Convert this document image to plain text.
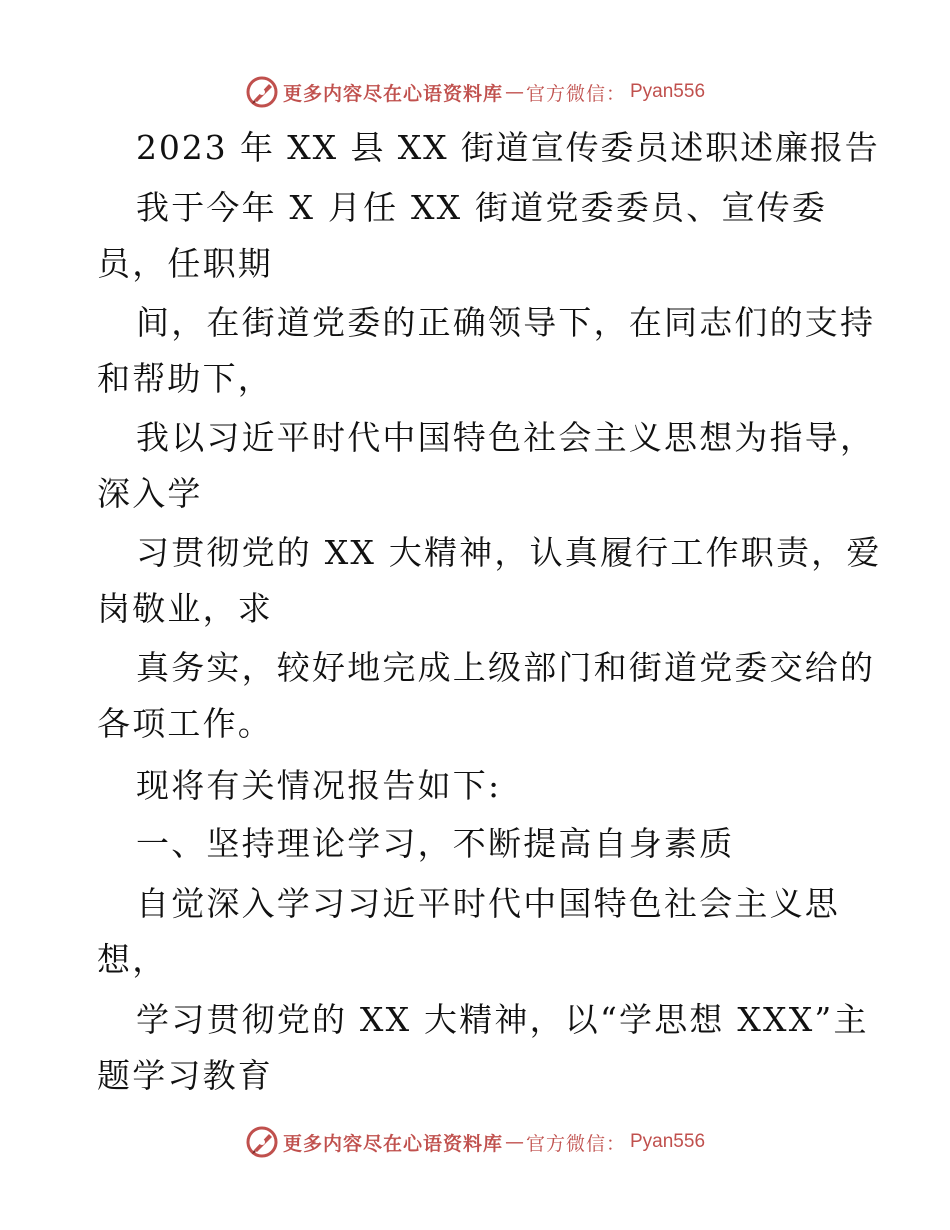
更多内容尽在心语资料库 — 官方微信： Pyan556
2023 年 XX 县 XX 街道宣传委员述职述廉报告
我于今年 X 月任 XX 街道党委委员、宣传委
员，任职期
间，在街道党委的正确领导下，在同志们的支持
和帮助下，
我以习近平时代中国特色社会主义思想为指导，
深入学
习贯彻党的 XX 大精神，认真履行工作职责，爱
岗敬业，求
真务实，较好地完成上级部门和街道党委交给的
各项工作。
现将有关情况报告如下:
一、坚持理论学习，不断提高自身素质
自觉深入学习习近平时代中国特色社会主义思
想，
学习贯彻党的 XX 大精神，以“学思想 XXX”主
题学习教育
更多内容尽在心语资料库 — 官方微信： Pyan556
